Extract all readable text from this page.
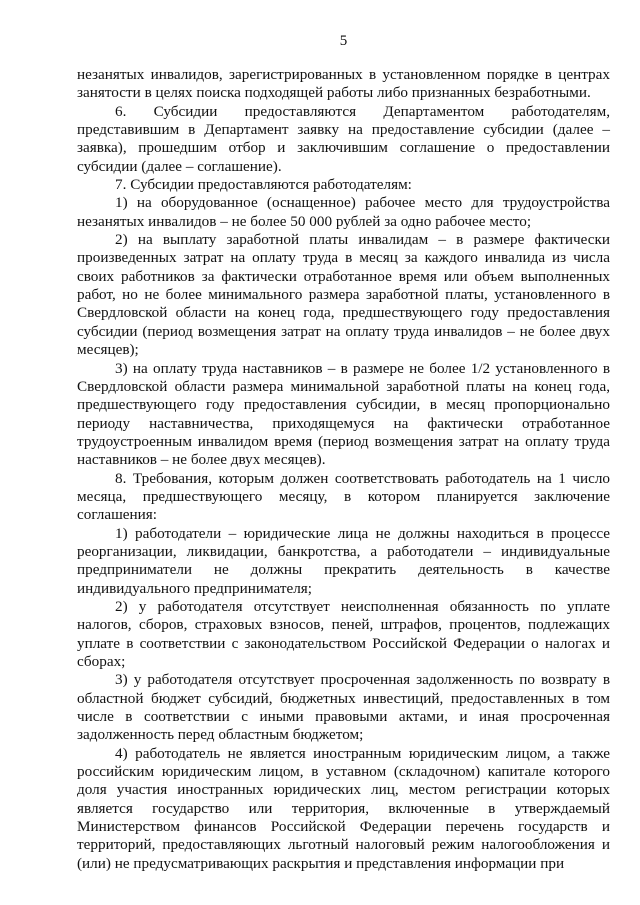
5

незанятых инвалидов, зарегистрированных в установленном порядке в центрах занятости в целях поиска подходящей работы либо признанных безработными.

6. Субсидии предоставляются Департаментом работодателям, представившим в Департамент заявку на предоставление субсидии (далее – заявка), прошедшим отбор и заключившим соглашение о предоставлении субсидии (далее – соглашение).

7. Субсидии предоставляются работодателям:

1) на оборудованное (оснащенное) рабочее место для трудоустройства незанятых инвалидов – не более 50 000 рублей за одно рабочее место;

2) на выплату заработной платы инвалидам – в размере фактически произведенных затрат на оплату труда в месяц за каждого инвалида из числа своих работников за фактически отработанное время или объем выполненных работ, но не более минимального размера заработной платы, установленного в Свердловской области на конец года, предшествующего году предоставления субсидии (период возмещения затрат на оплату труда инвалидов – не более двух месяцев);

3) на оплату труда наставников – в размере не более 1/2 установленного в Свердловской области размера минимальной заработной платы на конец года, предшествующего году предоставления субсидии, в месяц пропорционально периоду наставничества, приходящемуся на фактически отработанное трудоустроенным инвалидом время (период возмещения затрат на оплату труда наставников – не более двух месяцев).

8. Требования, которым должен соответствовать работодатель на 1 число месяца, предшествующего месяцу, в котором планируется заключение соглашения:

1) работодатели – юридические лица не должны находиться в процессе реорганизации, ликвидации, банкротства, а работодатели – индивидуальные предприниматели не должны прекратить деятельность в качестве индивидуального предпринимателя;

2) у работодателя отсутствует неисполненная обязанность по уплате налогов, сборов, страховых взносов, пеней, штрафов, процентов, подлежащих уплате в соответствии с законодательством Российской Федерации о налогах и сборах;

3) у работодателя отсутствует просроченная задолженность по возврату в областной бюджет субсидий, бюджетных инвестиций, предоставленных в том числе в соответствии с иными правовыми актами, и иная просроченная задолженность перед областным бюджетом;

4) работодатель не является иностранным юридическим лицом, а также российским юридическим лицом, в уставном (складочном) капитале которого доля участия иностранных юридических лиц, местом регистрации которых является государство или территория, включенные в утверждаемый Министерством финансов Российской Федерации перечень государств и территорий, предоставляющих льготный налоговый режим налогообложения и (или) не предусматривающих раскрытия и представления информации при
